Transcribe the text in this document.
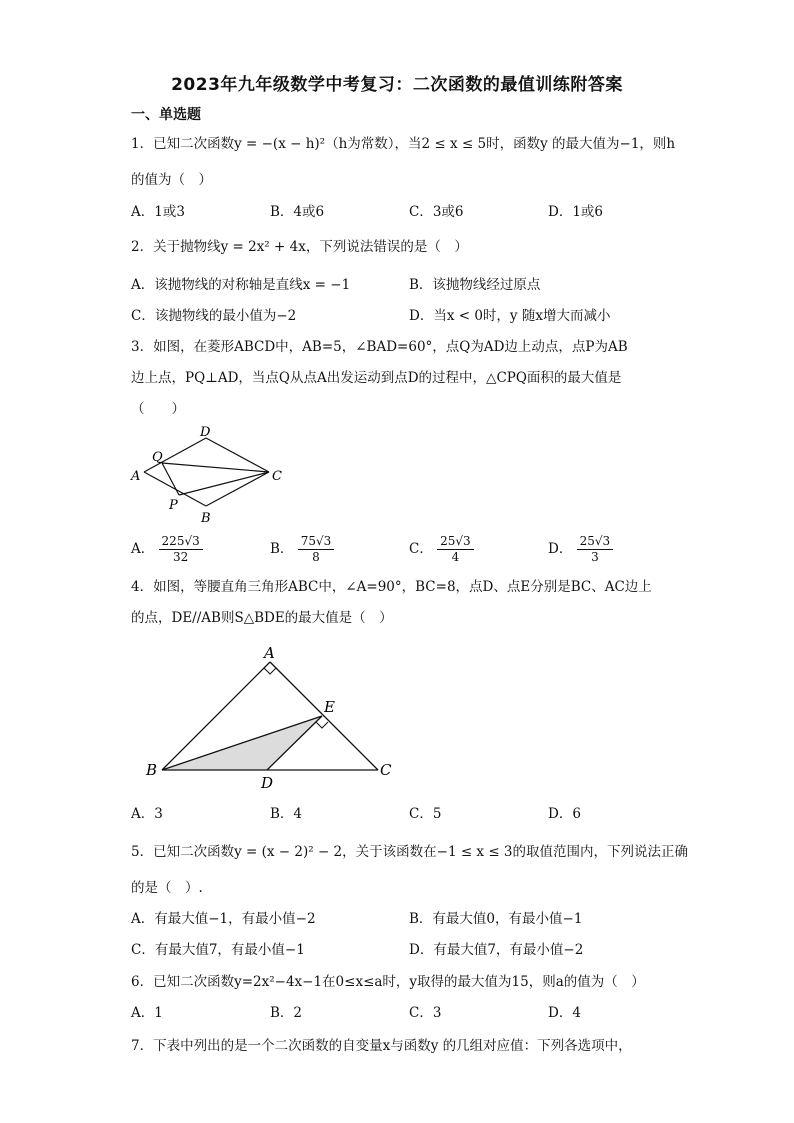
2023年九年级数学中考复习：二次函数的最值训练附答案
一、单选题
1．已知二次函数y = −(x − h)²（h为常数），当2 ≤ x ≤ 5时，函数y 的最大值为−1，则h
的值为（　）
A．1或3	B．4或6	C．3或6	D．1或6
2．关于抛物线y = 2x² + 4x，下列说法错误的是（　）
A．该抛物线的对称轴是直线x = −1	B．该抛物线经过原点
C．该抛物线的最小值为−2	D．当x < 0时，y 随x增大而减小
3．如图，在菱形ABCD中，AB=5，∠BAD=60°，点Q为AD边上动点，点P为AB
边上点，PQ⊥AD，当点Q从点A出发运动到点D的过程中，△CPQ面积的最大值是
（　　）
A
D
C
B
P
Q
A． $\frac{225√3}{32}$	B． $\frac{75√3}{8}$	C． $\frac{25√3}{4}$	D． $\frac{25√3}{3}$
4．如图，等腰直角三角形ABC中，∠A=90°，BC=8，点D、点E分别是BC、AC边上
的点，DE//AB则S△BDE的最大值是（　）
A
B	C
D
E
A．3	B．4	C．5	D．6
5．已知二次函数y = (x − 2)² − 2，关于该函数在−1 ≤ x ≤ 3的取值范围内，下列说法正确
的是（　）.
A．有最大值−1，有最小值−2	B．有最大值0，有最小值−1
C．有最大值7，有最小值−1	D．有最大值7，有最小值−2
6．已知二次函数y=2x²−4x−1在0≤x≤a时，y取得的最大值为15，则a的值为（　）
A．1	B．2	C．3	D．4
7．下表中列出的是一个二次函数的自变量x与函数y 的几组对应值：下列各选项中，
